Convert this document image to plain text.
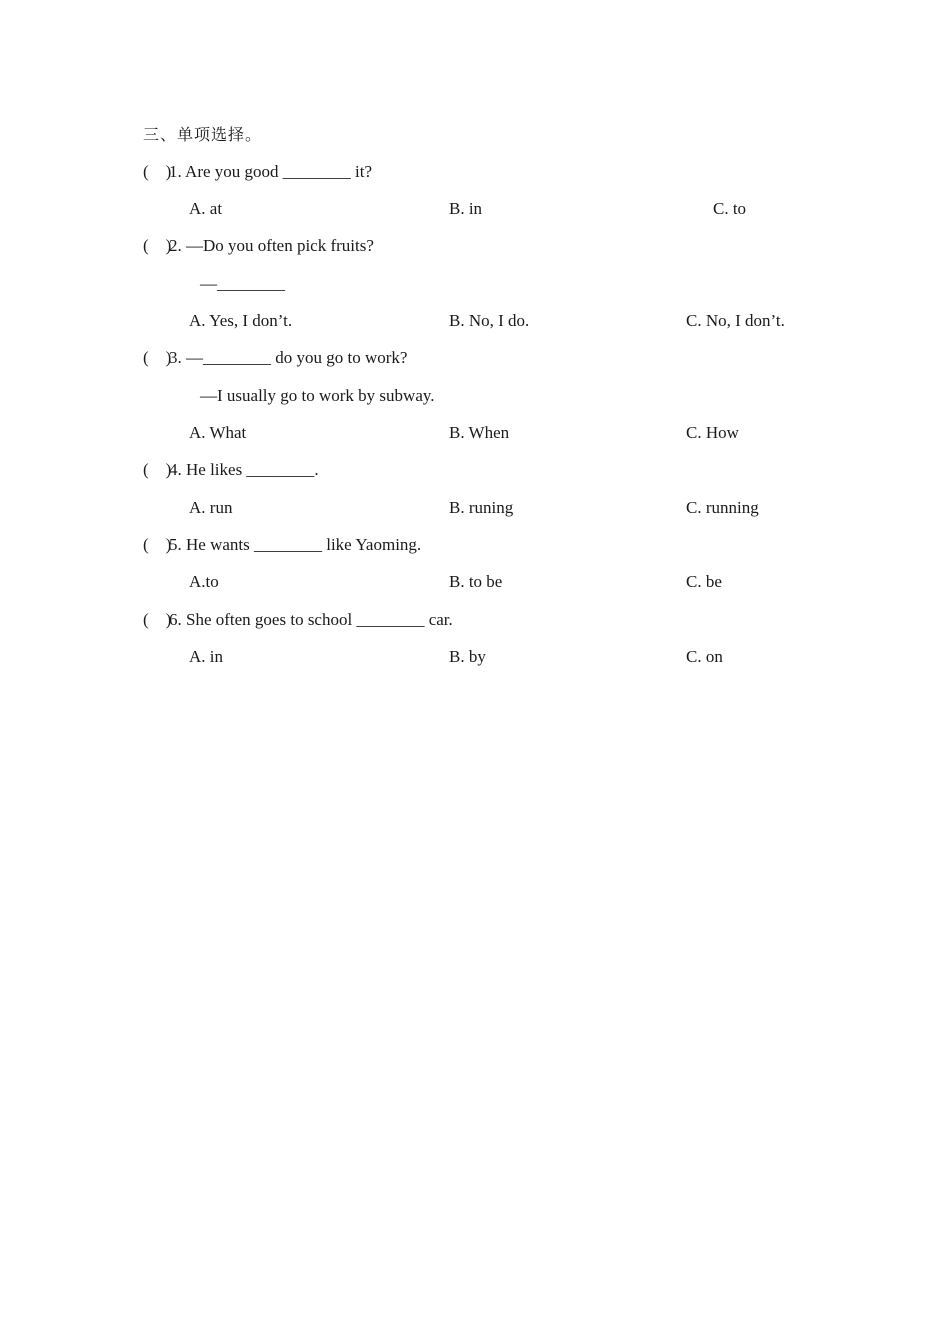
三、单项选择。
(    )
1. Are you good ________ it?
A. at	B. in	C. to
(    )
2. —Do you often pick fruits?
—________
A. Yes, I don’t.	B. No, I do.	C. No, I don’t.
(    )
3. —________ do you go to work?
—I usually go to work by subway.
A. What	B. When	C. How
(    )
4. He likes ________.
A. run	B. runing	C. running
(    )
5. He wants ________ like Yaoming.
A.to	B. to be	C. be
(    )
6. She often goes to school ________ car.
A. in	B. by	C. on
